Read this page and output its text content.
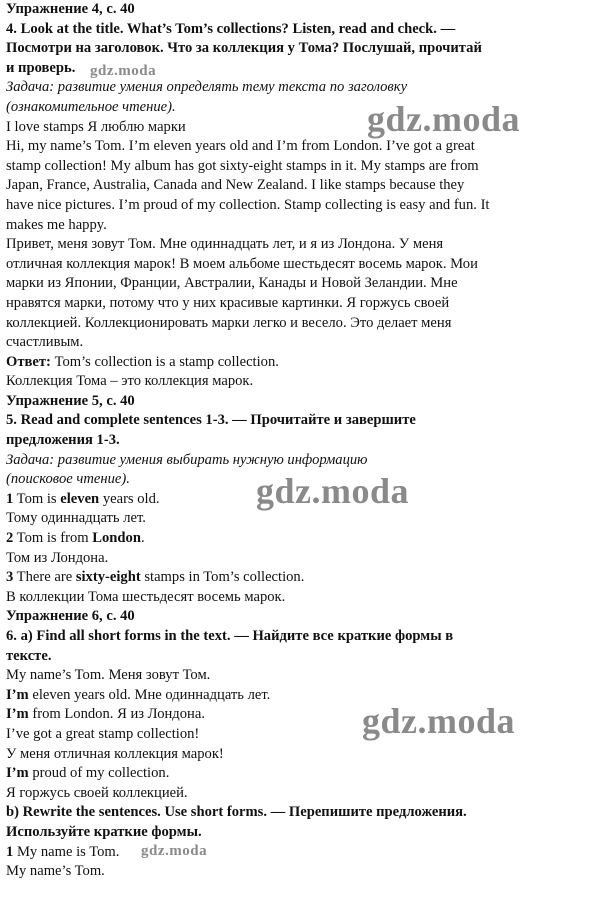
Упражнение 4, с. 40
4. Look at the title. What’s Tom’s collections? Listen, read and check. —
Посмотри на заголовок. Что за коллекция у Тома? Послушай, прочитай
и проверь.
Задача: развитие умения определять тему текста по заголовку
(ознакомительное чтение).
I love stamps Я люблю марки
Hi, my name’s Tom. I’m eleven years old and I’m from London. I’ve got a great
stamp collection! My album has got sixty-eight stamps in it. My stamps are from
Japan, France, Australia, Canada and New Zealand. I like stamps because they
have nice pictures. I’m proud of my collection. Stamp collecting is easy and fun. It
makes me happy.
Привет, меня зовут Том. Мне одиннадцать лет, и я из Лондона. У меня
отличная коллекция марок! В моем альбоме шестьдесят восемь марок. Мои
марки из Японии, Франции, Австралии, Канады и Новой Зеландии. Мне
нравятся марки, потому что у них красивые картинки. Я горжусь своей
коллекцией. Коллекционировать марки легко и весело. Это делает меня
счастливым.
Ответ: Tom’s collection is a stamp collection.
Коллекция Тома – это коллекция марок.
Упражнение 5, с. 40
5. Read and complete sentences 1-3. — Прочитайте и завершите
предложения 1-3.
Задача: развитие умения выбирать нужную информацию
(поисковое чтение).
1 Tom is eleven years old.
Тому одиннадцать лет.
2 Tom is from London.
Том из Лондона.
3 There are sixty-eight stamps in Tom’s collection.
В коллекции Тома шестьдесят восемь марок.
Упражнение 6, с. 40
6. a) Find all short forms in the text. — Найдите все краткие формы в
тексте.
My name’s Tom. Меня зовут Том.
I’m eleven years old. Мне одиннадцать лет.
I’m from London. Я из Лондона.
I’ve got a great stamp collection!
У меня отличная коллекция марок!
I’m proud of my collection.
Я горжусь своей коллекцией.
b) Rewrite the sentences. Use short forms. — Перепишите предложения.
Используйте краткие формы.
1 My name is Tom.
My name’s Tom.
gdz.moda
gdz.moda
gdz.moda
gdz.moda
gdz.moda
